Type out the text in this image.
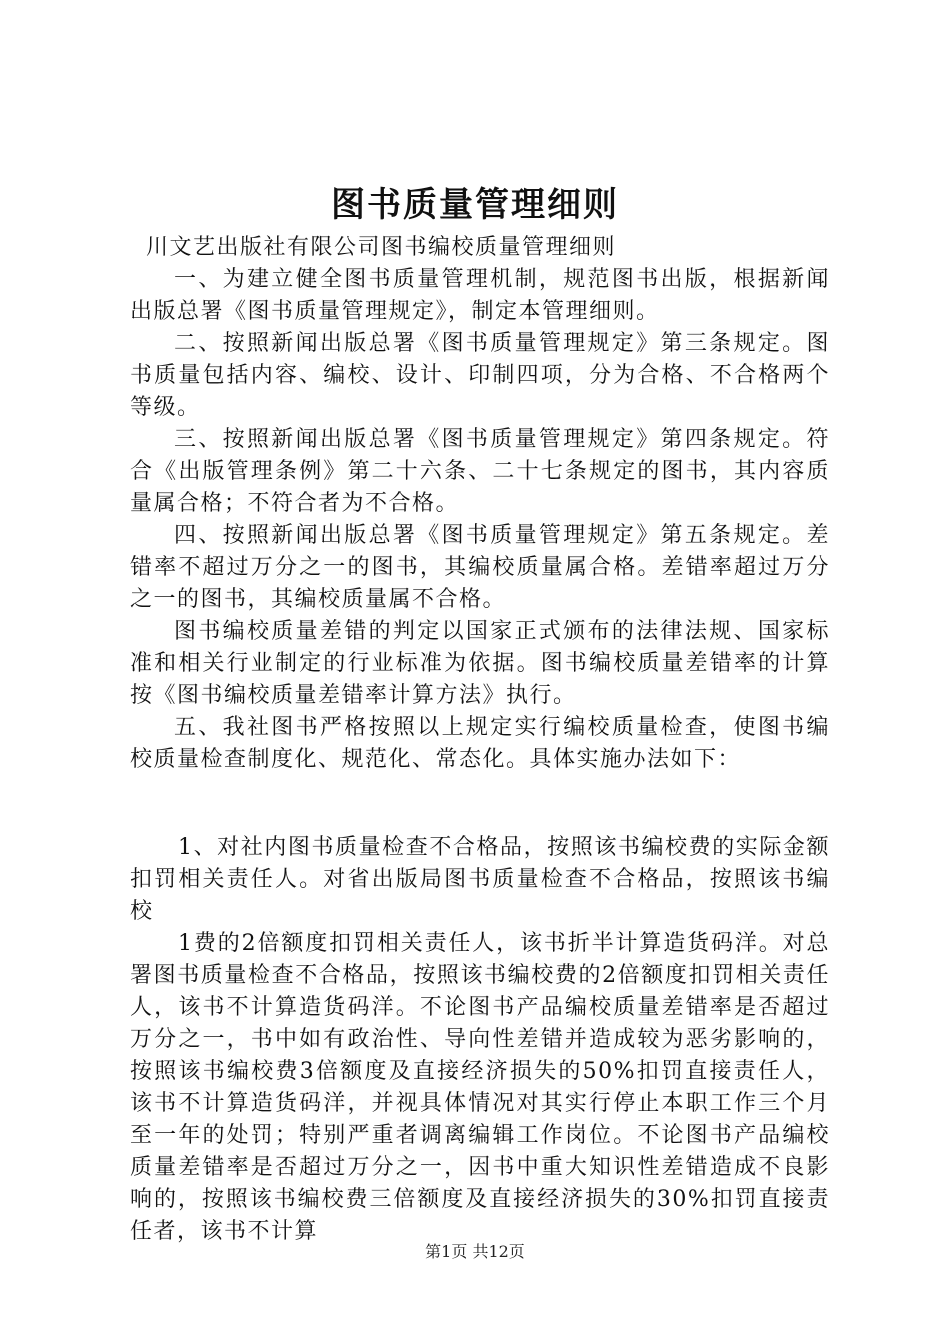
图书质量管理细则

川文艺出版社有限公司图书编校质量管理细则

一、为建立健全图书质量管理机制，规范图书出版，根据新闻出版总署《图书质量管理规定》，制定本管理细则。

二、按照新闻出版总署《图书质量管理规定》第三条规定。图书质量包括内容、编校、设计、印制四项，分为合格、不合格两个等级。

三、按照新闻出版总署《图书质量管理规定》第四条规定。符合《出版管理条例》第二十六条、二十七条规定的图书，其内容质量属合格；不符合者为不合格。

四、按照新闻出版总署《图书质量管理规定》第五条规定。差错率不超过万分之一的图书，其编校质量属合格。差错率超过万分之一的图书，其编校质量属不合格。

图书编校质量差错的判定以国家正式颁布的法律法规、国家标准和相关行业制定的行业标准为依据。图书编校质量差错率的计算按《图书编校质量差错率计算方法》执行。

五、我社图书严格按照以上规定实行编校质量检查，使图书编校质量检查制度化、规范化、常态化。具体实施办法如下：

1、对社内图书质量检查不合格品，按照该书编校费的实际金额扣罚相关责任人。对省出版局图书质量检查不合格品，按照该书编校

1费的2倍额度扣罚相关责任人，该书折半计算造货码洋。对总署图书质量检查不合格品，按照该书编校费的2倍额度扣罚相关责任人，该书不计算造货码洋。不论图书产品编校质量差错率是否超过万分之一，书中如有政治性、导向性差错并造成较为恶劣影响的，按照该书编校费3倍额度及直接经济损失的50%扣罚直接责任人，该书不计算造货码洋，并视具体情况对其实行停止本职工作三个月至一年的处罚；特别严重者调离编辑工作岗位。不论图书产品编校质量差错率是否超过万分之一，因书中重大知识性差错造成不良影响的，按照该书编校费三倍额度及直接经济损失的30%扣罚直接责任者，该书不计算

第1页 共12页
